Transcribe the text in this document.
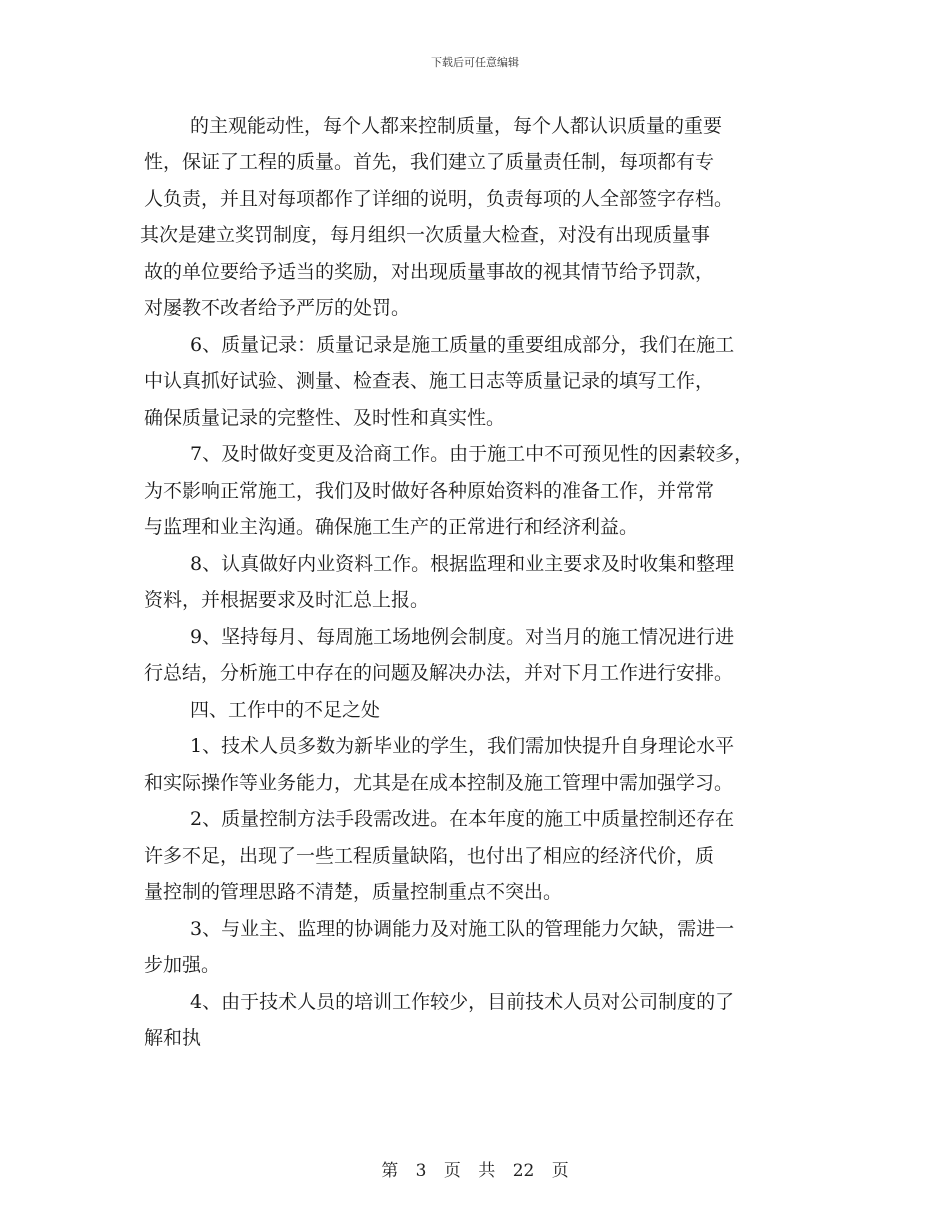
下载后可任意编辑
的主观能动性，每个人都来控制质量，每个人都认识质量的重要
性，保证了工程的质量。首先，我们建立了质量责任制，每项都有专
人负责，并且对每项都作了详细的说明，负责每项的人全部签字存档。
其次是建立奖罚制度，每月组织一次质量大检查，对没有出现质量事
故的单位要给予适当的奖励，对出现质量事故的视其情节给予罚款，
对屡教不改者给予严厉的处罚。
6、质量记录：质量记录是施工质量的重要组成部分，我们在施工
中认真抓好试验、测量、检查表、施工日志等质量记录的填写工作，
确保质量记录的完整性、及时性和真实性。
7、及时做好变更及洽商工作。由于施工中不可预见性的因素较多，
为不影响正常施工，我们及时做好各种原始资料的准备工作，并常常
与监理和业主沟通。确保施工生产的正常进行和经济利益。
8、认真做好内业资料工作。根据监理和业主要求及时收集和整理
资料，并根据要求及时汇总上报。
9、坚持每月、每周施工场地例会制度。对当月的施工情况进行进
行总结，分析施工中存在的问题及解决办法，并对下月工作进行安排。
四、工作中的不足之处
1、技术人员多数为新毕业的学生，我们需加快提升自身理论水平
和实际操作等业务能力，尤其是在成本控制及施工管理中需加强学习。
2、质量控制方法手段需改进。在本年度的施工中质量控制还存在
许多不足，出现了一些工程质量缺陷，也付出了相应的经济代价，质
量控制的管理思路不清楚，质量控制重点不突出。
3、与业主、监理的协调能力及对施工队的管理能力欠缺，需进一
步加强。
4、由于技术人员的培训工作较少，目前技术人员对公司制度的了
解和执
第 3 页 共 22 页
